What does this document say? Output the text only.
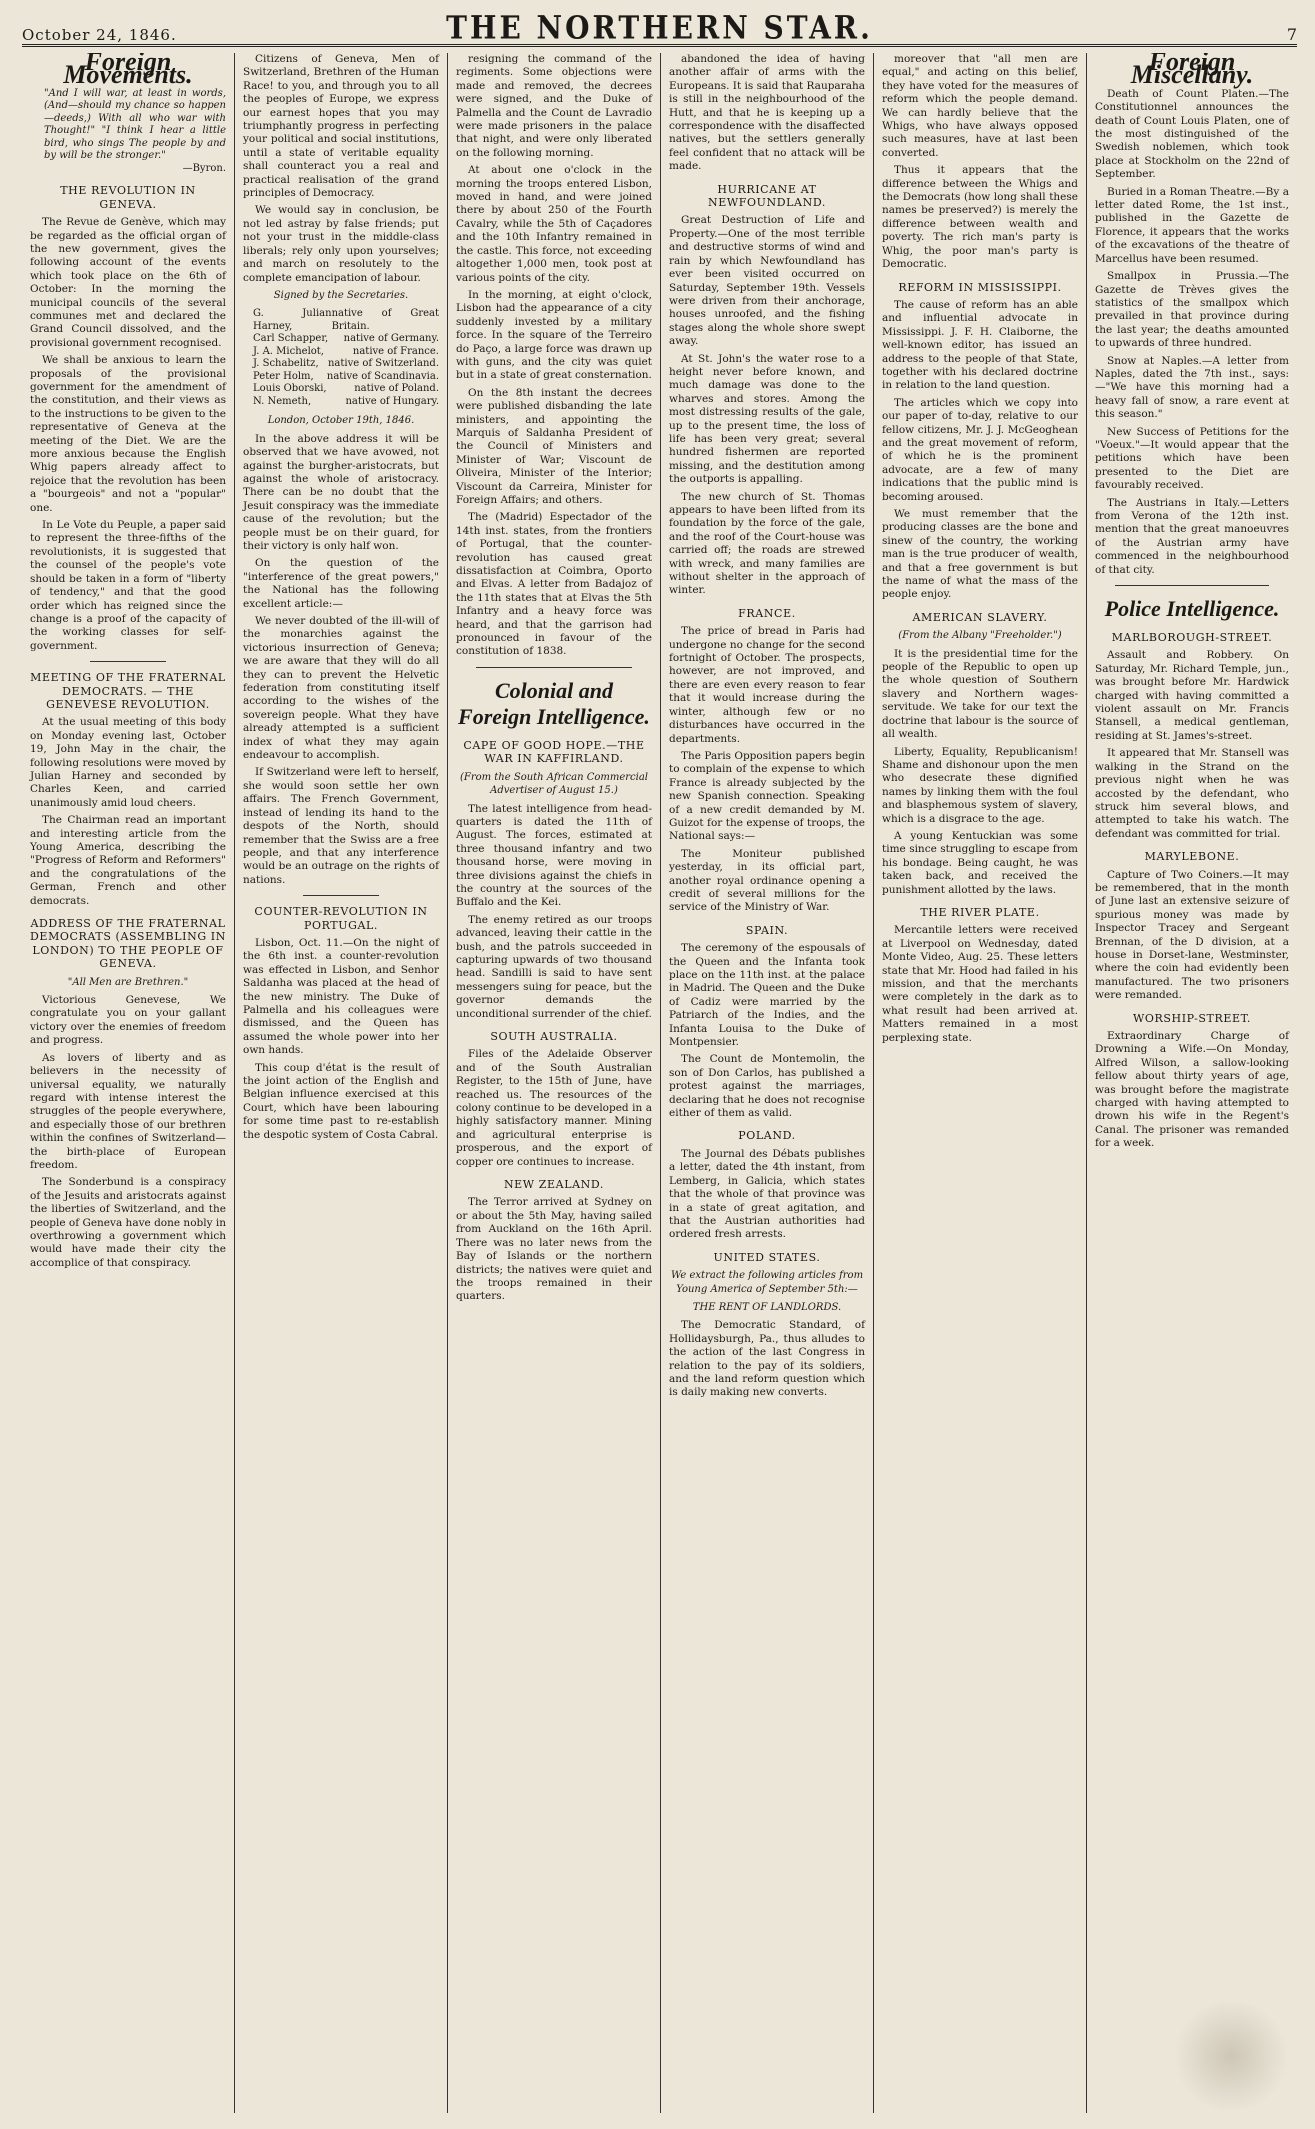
October 24, 1846.	THE NORTHERN STAR.	7
Foreign Movements.
"And I will war, at least in words, (And—should my chance so happen—deeds,) With all who war with Thought!" "I think I hear a little bird, who sings The people by and by will be the stronger."
—Byron.
THE REVOLUTION IN GENEVA.

The Revue de Genève, which may be regarded as the official organ of the new government, gives the following account of the events which took place on the 6th of October: In the morning the municipal councils of the several communes met and declared the Grand Council dissolved, and the provisional government recognised.

We shall be anxious to learn the proposals of the provisional government for the amendment of the constitution, and their views as to the instructions to be given to the representative of Geneva at the meeting of the Diet. We are the more anxious because the English Whig papers already affect to rejoice that the revolution has been a "bourgeois" and not a "popular" one.

In Le Vote du Peuple, a paper said to represent the three-fifths of the revolutionists, it is suggested that the counsel of the people's vote should be taken in a form of "liberty of tendency," and that the good order which has reigned since the change is a proof of the capacity of the working classes for self-government.

MEETING OF THE FRATERNAL DEMOCRATS. — THE GENEVESE REVOLUTION.

At the usual meeting of this body on Monday evening last, October 19, John May in the chair, the following resolutions were moved by Julian Harney and seconded by Charles Keen, and carried unanimously amid loud cheers.

The Chairman read an important and interesting article from the Young America, describing the "Progress of Reform and Reformers" and the congratulations of the German, French and other democrats.

ADDRESS OF THE FRATERNAL DEMOCRATS (ASSEMBLING IN LONDON) TO THE PEOPLE OF GENEVA.
"All Men are Brethren."

Victorious Genevese, We congratulate you on your gallant victory over the enemies of freedom and progress.

As lovers of liberty and as believers in the necessity of universal equality, we naturally regard with intense interest the struggles of the people everywhere, and especially those of our brethren within the confines of Switzerland—the birth-place of European freedom.

The Sonderbund is a conspiracy of the Jesuits and aristocrats against the liberties of Switzerland, and the people of Geneva have done nobly in overthrowing a government which would have made their city the accomplice of that conspiracy.

Citizens of Geneva, Men of Switzerland, Brethren of the Human Race! to you, and through you to all the peoples of Europe, we express our earnest hopes that you may triumphantly progress in perfecting your political and social institutions, until a state of veritable equality shall counteract you a real and practical realisation of the grand principles of Democracy.

We would say in conclusion, be not led astray by false friends; put not your trust in the middle-class liberals; rely only upon yourselves; and march on resolutely to the complete emancipation of labour.

Signed by the Secretaries.
G. Julian Harney,
native of Great Britain.
Carl Schapper, native of Germany.
J. A. Michelot,	native of France.
J. Schabelitz, native of Switzerland.
Peter Holm, native of Scandinavia.
Louis Oborski,	native of Poland.
N. Nemeth,	native of Hungary.
London, October 19th, 1846.

In the above address it will be observed that we have avowed, not against the burgher-aristocrats, but against the whole of aristocracy. There can be no doubt that the Jesuit conspiracy was the immediate cause of the revolution; but the people must be on their guard, for their victory is only half won.

On the question of the "interference of the great powers," the National has the following excellent article:—

We never doubted of the ill-will of the monarchies against the victorious insurrection of Geneva; we are aware that they will do all they can to prevent the Helvetic federation from constituting itself according to the wishes of the sovereign people. What they have already attempted is a sufficient index of what they may again endeavour to accomplish.

If Switzerland were left to herself, she would soon settle her own affairs. The French Government, instead of lending its hand to the despots of the North, should remember that the Swiss are a free people, and that any interference would be an outrage on the rights of nations.

COUNTER-REVOLUTION IN PORTUGAL.

Lisbon, Oct. 11.—On the night of the 6th inst. a counter-revolution was effected in Lisbon, and Senhor Saldanha was placed at the head of the new ministry. The Duke of Palmella and his colleagues were dismissed, and the Queen has assumed the whole power into her own hands.

This coup d'état is the result of the joint action of the English and Belgian influence exercised at this Court, which have been labouring for some time past to re-establish the despotic system of Costa Cabral.

resigning the command of the regiments. Some objections were made and removed, the decrees were signed, and the Duke of Palmella and the Count de Lavradio were made prisoners in the palace that night, and were only liberated on the following morning.

At about one o'clock in the morning the troops entered Lisbon, moved in hand, and were joined there by about 250 of the Fourth Cavalry, while the 5th of Caçadores and the 10th Infantry remained in the castle. This force, not exceeding altogether 1,000 men, took post at various points of the city.

In the morning, at eight o'clock, Lisbon had the appearance of a city suddenly invested by a military force. In the square of the Terreiro do Paço, a large force was drawn up with guns, and the city was quiet but in a state of great consternation.

On the 8th instant the decrees were published disbanding the late ministers, and appointing the Marquis of Saldanha President of the Council of Ministers and Minister of War; Viscount de Oliveira, Minister of the Interior; Viscount da Carreira, Minister for Foreign Affairs; and others.

The (Madrid) Espectador of the 14th inst. states, from the frontiers of Portugal, that the counter-revolution has caused great dissatisfaction at Coimbra, Oporto and Elvas. A letter from Badajoz of the 11th states that at Elvas the 5th Infantry and a heavy force was heard, and that the garrison had pronounced in favour of the constitution of 1838.

Colonial and Foreign Intelligence.
CAPE OF GOOD HOPE.—THE WAR IN KAFFIRLAND.
(From the South African Commercial Advertiser of August 15.)

The latest intelligence from head-quarters is dated the 11th of August. The forces, estimated at three thousand infantry and two thousand horse, were moving in three divisions against the chiefs in the country at the sources of the Buffalo and the Kei.

The enemy retired as our troops advanced, leaving their cattle in the bush, and the patrols succeeded in capturing upwards of two thousand head. Sandilli is said to have sent messengers suing for peace, but the governor demands the unconditional surrender of the chief.

SOUTH AUSTRALIA.

Files of the Adelaide Observer and of the South Australian Register, to the 15th of June, have reached us. The resources of the colony continue to be developed in a highly satisfactory manner. Mining and agricultural enterprise is prosperous, and the export of copper ore continues to increase.

NEW ZEALAND.

The Terror arrived at Sydney on or about the 5th May, having sailed from Auckland on the 16th April. There was no later news from the Bay of Islands or the northern districts; the natives were quiet and the troops remained in their quarters.

abandoned the idea of having another affair of arms with the Europeans. It is said that Rauparaha is still in the neighbourhood of the Hutt, and that he is keeping up a correspondence with the disaffected natives, but the settlers generally feel confident that no attack will be made.

HURRICANE AT NEWFOUNDLAND.

Great Destruction of Life and Property.—One of the most terrible and destructive storms of wind and rain by which Newfoundland has ever been visited occurred on Saturday, September 19th. Vessels were driven from their anchorage, houses unroofed, and the fishing stages along the whole shore swept away.

At St. John's the water rose to a height never before known, and much damage was done to the wharves and stores. Among the most distressing results of the gale, up to the present time, the loss of life has been very great; several hundred fishermen are reported missing, and the destitution among the outports is appalling.

The new church of St. Thomas appears to have been lifted from its foundation by the force of the gale, and the roof of the Court-house was carried off; the roads are strewed with wreck, and many families are without shelter in the approach of winter.

FRANCE.

The price of bread in Paris had undergone no change for the second fortnight of October. The prospects, however, are not improved, and there are even every reason to fear that it would increase during the winter, although few or no disturbances have occurred in the departments.

The Paris Opposition papers begin to complain of the expense to which France is already subjected by the new Spanish connection. Speaking of a new credit demanded by M. Guizot for the expense of troops, the National says:—

The Moniteur published yesterday, in its official part, another royal ordinance opening a credit of several millions for the service of the Ministry of War.

SPAIN.

The ceremony of the espousals of the Queen and the Infanta took place on the 11th inst. at the palace in Madrid. The Queen and the Duke of Cadiz were married by the Patriarch of the Indies, and the Infanta Louisa to the Duke of Montpensier.

The Count de Montemolin, the son of Don Carlos, has published a protest against the marriages, declaring that he does not recognise either of them as valid.

POLAND.

The Journal des Débats publishes a letter, dated the 4th instant, from Lemberg, in Galicia, which states that the whole of that province was in a state of great agitation, and that the Austrian authorities had ordered fresh arrests.

UNITED STATES.
We extract the following articles from Young America of September 5th:—
THE RENT OF LANDLORDS.

The Democratic Standard, of Hollidaysburgh, Pa., thus alludes to the action of the last Congress in relation to the pay of its soldiers, and the land reform question which is daily making new converts.

moreover that "all men are equal," and acting on this belief, they have voted for the measures of reform which the people demand. We can hardly believe that the Whigs, who have always opposed such measures, have at last been converted.

Thus it appears that the difference between the Whigs and the Democrats (how long shall these names be preserved?) is merely the difference between wealth and poverty. The rich man's party is Whig, the poor man's party is Democratic.

REFORM IN MISSISSIPPI.

The cause of reform has an able and influential advocate in Mississippi. J. F. H. Claiborne, the well-known editor, has issued an address to the people of that State, together with his declared doctrine in relation to the land question.

The articles which we copy into our paper of to-day, relative to our fellow citizens, Mr. J. J. McGeoghean and the great movement of reform, of which he is the prominent advocate, are a few of many indications that the public mind is becoming aroused.

We must remember that the producing classes are the bone and sinew of the country, the working man is the true producer of wealth, and that a free government is but the name of what the mass of the people enjoy.

AMERICAN SLAVERY.
(From the Albany "Freeholder.")

It is the presidential time for the people of the Republic to open up the whole question of Southern slavery and Northern wages-servitude. We take for our text the doctrine that labour is the source of all wealth.

Liberty, Equality, Republicanism! Shame and dishonour upon the men who desecrate these dignified names by linking them with the foul and blasphemous system of slavery, which is a disgrace to the age.

A young Kentuckian was some time since struggling to escape from his bondage. Being caught, he was taken back, and received the punishment allotted by the laws.

THE RIVER PLATE.

Mercantile letters were received at Liverpool on Wednesday, dated Monte Video, Aug. 25. These letters state that Mr. Hood had failed in his mission, and that the merchants were completely in the dark as to what result had been arrived at. Matters remained in a most perplexing state.

Foreign Miscellany.

Death of Count Platen.—The Constitutionnel announces the death of Count Louis Platen, one of the most distinguished of the Swedish noblemen, which took place at Stockholm on the 22nd of September.

Buried in a Roman Theatre.—By a letter dated Rome, the 1st inst., published in the Gazette de Florence, it appears that the works of the excavations of the theatre of Marcellus have been resumed.

Smallpox in Prussia.—The Gazette de Trèves gives the statistics of the smallpox which prevailed in that province during the last year; the deaths amounted to upwards of three hundred.

Snow at Naples.—A letter from Naples, dated the 7th inst., says:—"We have this morning had a heavy fall of snow, a rare event at this season."

New Success of Petitions for the "Voeux."—It would appear that the petitions which have been presented to the Diet are favourably received.

The Austrians in Italy.—Letters from Verona of the 12th inst. mention that the great manoeuvres of the Austrian army have commenced in the neighbourhood of that city.

Police Intelligence.
MARLBOROUGH-STREET.

Assault and Robbery. On Saturday, Mr. Richard Temple, jun., was brought before Mr. Hardwick charged with having committed a violent assault on Mr. Francis Stansell, a medical gentleman, residing at St. James's-street.

It appeared that Mr. Stansell was walking in the Strand on the previous night when he was accosted by the defendant, who struck him several blows, and attempted to take his watch. The defendant was committed for trial.

MARYLEBONE.

Capture of Two Coiners.—It may be remembered, that in the month of June last an extensive seizure of spurious money was made by Inspector Tracey and Sergeant Brennan, of the D division, at a house in Dorset-lane, Westminster, where the coin had evidently been manufactured. The two prisoners were remanded.

WORSHIP-STREET.

Extraordinary Charge of Drowning a Wife.—On Monday, Alfred Wilson, a sallow-looking fellow about thirty years of age, was brought before the magistrate charged with having attempted to drown his wife in the Regent's Canal. The prisoner was remanded for a week.
